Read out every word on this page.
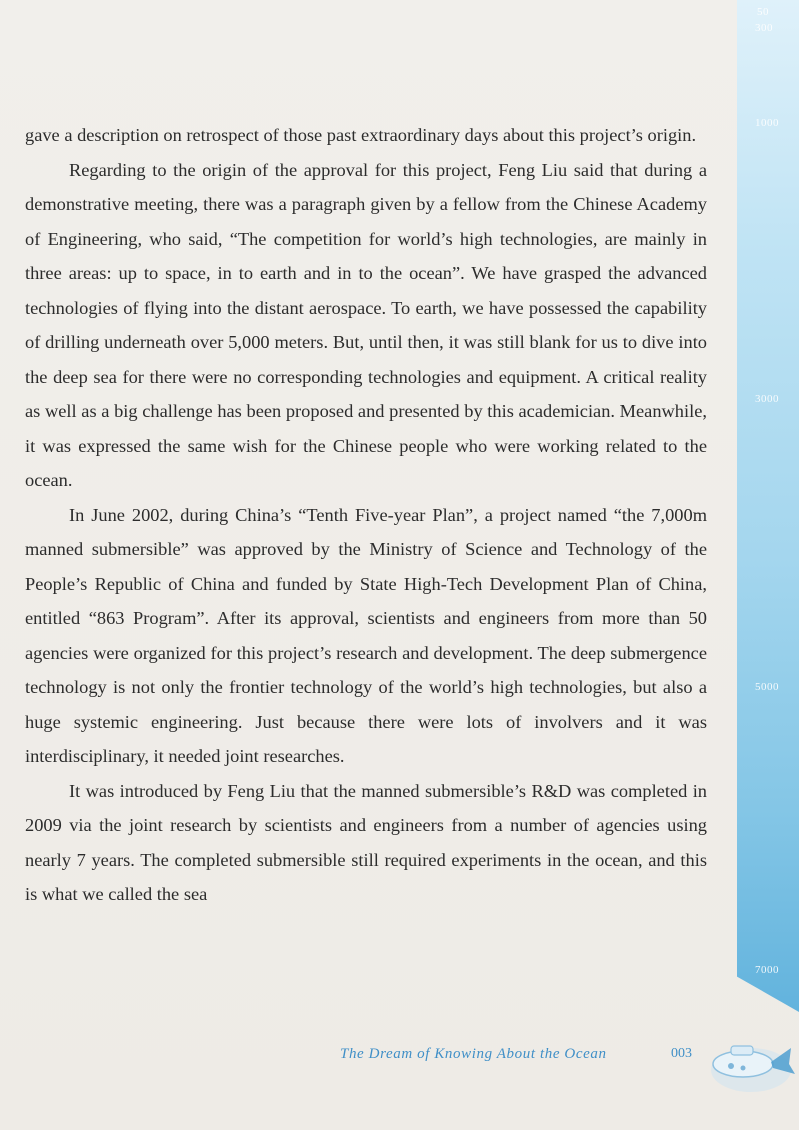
50
300
1000
3000
5000
7000

gave a description on retrospect of those past extraordinary days about this project’s origin.

Regarding to the origin of the approval for this project, Feng Liu said that during a demonstrative meeting, there was a paragraph given by a fellow from the Chinese Academy of Engineering, who said, “The competition for world’s high technologies, are mainly in three areas: up to space, in to earth and in to the ocean”. We have grasped the advanced technologies of flying into the distant aerospace. To earth, we have possessed the capability of drilling underneath over 5,000 meters. But, until then, it was still blank for us to dive into the deep sea for there were no corresponding technologies and equipment. A critical reality as well as a big challenge has been proposed and presented by this academician. Meanwhile, it was expressed the same wish for the Chinese people who were working related to the ocean.

In June 2002, during China’s “Tenth Five-year Plan”, a project named “the 7,000m manned submersible” was approved by the Ministry of Science and Technology of the People’s Republic of China and funded by State High-Tech Development Plan of China, entitled “863 Program”. After its approval, scientists and engineers from more than 50 agencies were organized for this project’s research and development. The deep submergence technology is not only the frontier technology of the world’s high technologies, but also a huge systemic engineering. Just because there were lots of involvers and it was interdisciplinary, it needed joint researches.

It was introduced by Feng Liu that the manned submersible’s R&D was completed in 2009 via the joint research by scientists and engineers from a number of agencies using nearly 7 years. The completed submersible still required experiments in the ocean, and this is what we called the sea

The Dream of Knowing About the Ocean	003
